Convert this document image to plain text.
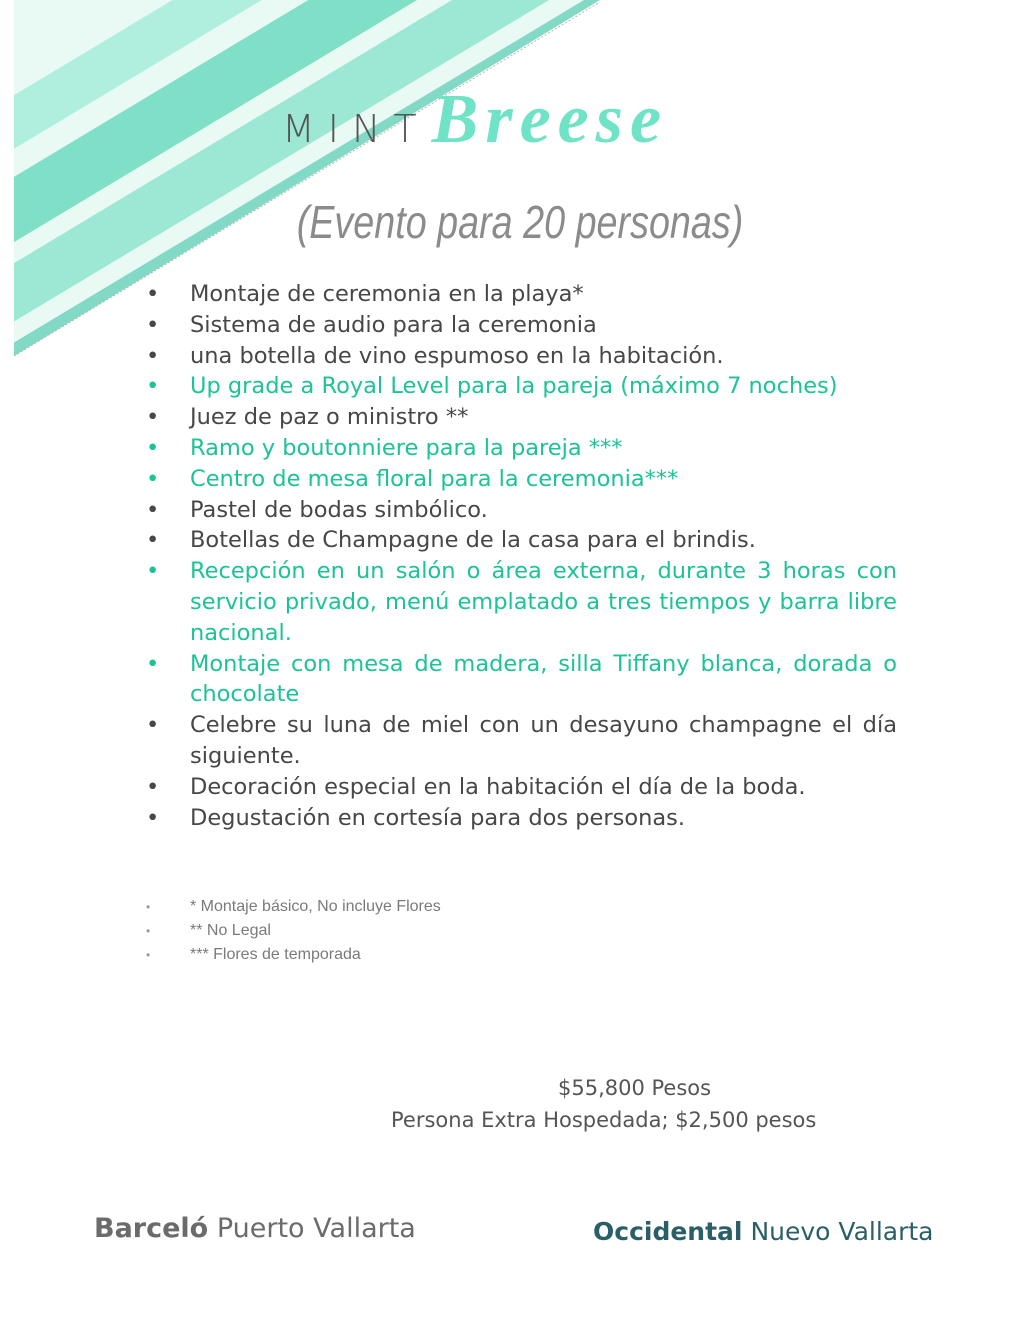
MINTBreese
(Evento para 20 personas)
• Montaje de ceremonia en la playa*
• Sistema de audio para la ceremonia
• una botella de vino espumoso en la habitación.
• Up grade a Royal Level para la pareja (máximo 7 noches)
• Juez de paz o ministro **
• Ramo y boutonniere para la pareja ***
• Centro de mesa floral para la ceremonia***
• Pastel de bodas simbólico.
• Botellas de Champagne de la casa para el brindis.
• Recepción en un salón o área externa, durante 3 horas con servicio privado, menú emplatado a tres tiempos y barra libre nacional.
• Montaje con mesa de madera, silla Tiffany blanca, dorada o chocolate
• Celebre su luna de miel con un desayuno champagne el día siguiente.
• Decoración especial en la habitación el día de la boda.
• Degustación en cortesía para dos personas.
• * Montaje básico, No incluye Flores
• ** No Legal
• *** Flores de temporada
$55,800 Pesos
Persona Extra Hospedada; $2,500 pesos
Barceló Puerto Vallarta	Occidental Nuevo Vallarta
